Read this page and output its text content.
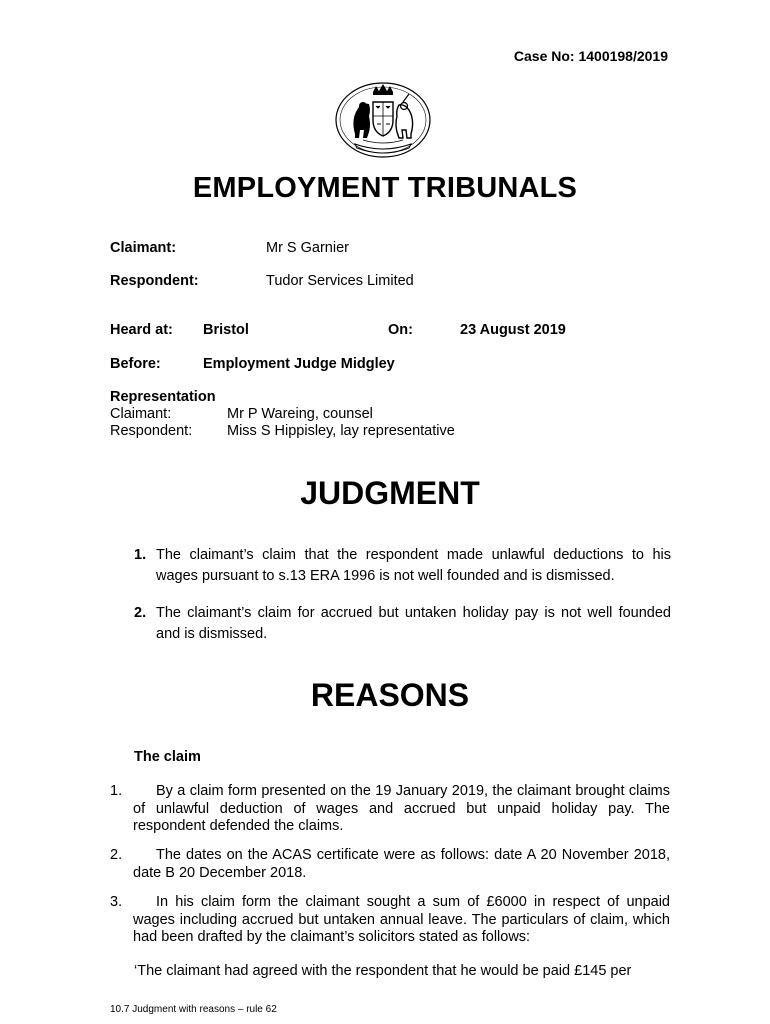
Case No: 1400198/2019
EMPLOYMENT TRIBUNALS
Claimant:	Mr S Garnier
Respondent:	Tudor Services Limited
Heard at: Bristol	On:	23 August 2019
Before:	Employment Judge Midgley
Representation
Claimant:	Mr P Wareing, counsel
Respondent: Miss S Hippisley, lay representative
JUDGMENT
1. The claimant’s claim that the respondent made unlawful deductions to his wages pursuant to s.13 ERA 1996 is not well founded and is dismissed.
2. The claimant’s claim for accrued but untaken holiday pay is not well founded and is dismissed.
REASONS
The claim
1.	By a claim form presented on the 19 January 2019, the claimant brought claims of unlawful deduction of wages and accrued but unpaid holiday pay. The respondent defended the claims.
2.	The dates on the ACAS certificate were as follows: date A 20 November 2018, date B 20 December 2018.
3.	In his claim form the claimant sought a sum of £6000 in respect of unpaid wages including accrued but untaken annual leave. The particulars of claim, which had been drafted by the claimant’s solicitors stated as follows:
‘The claimant had agreed with the respondent that he would be paid £145 per
10.7 Judgment with reasons – rule 62
